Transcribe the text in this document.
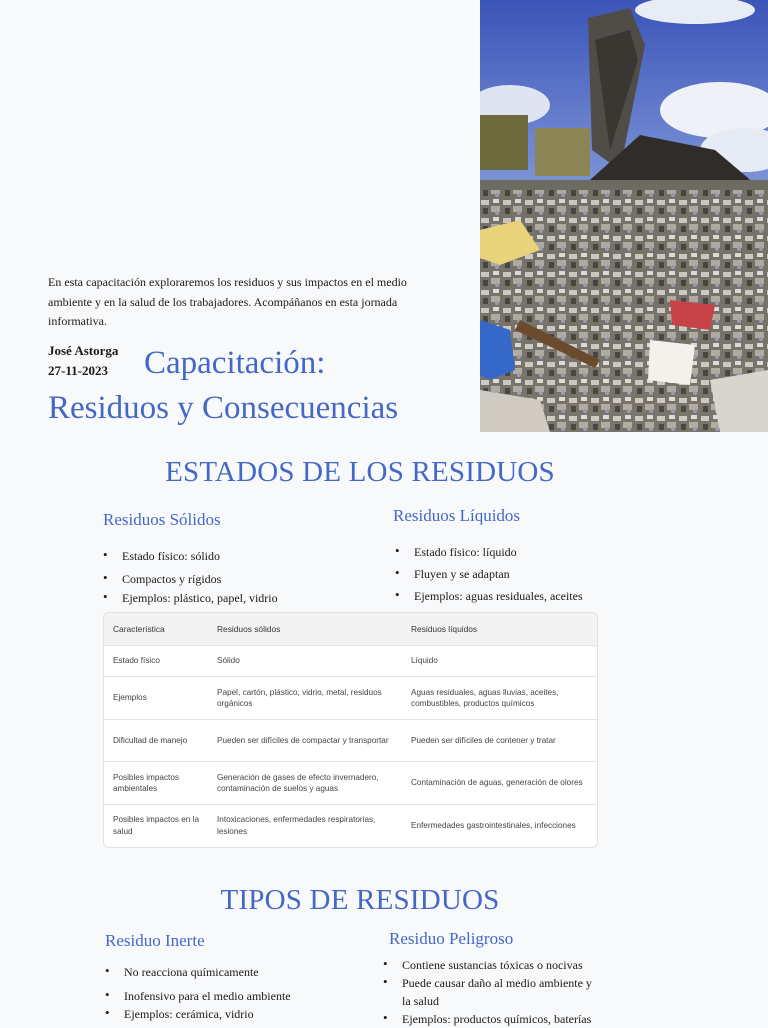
En esta capacitación exploraremos los residuos y sus impactos en el medio ambiente y en la salud de los trabajadores. Acompáñanos en esta jornada informativa.
José Astorga
27-11-2023	Capacitación:
Residuos y Consecuencias
ESTADOS DE LOS RESIDUOS
Residuos Sólidos
• Estado físico: sólido
• Compactos y rígidos
• Ejemplos: plástico, papel, vidrio
Residuos Líquidos
• Estado físico: líquido
• Fluyen y se adaptan
• Ejemplos: aguas residuales, aceites
Característica	Residuos sólidos	Residuos líquidos
Estado físico	Sólido	Líquido
Ejemplos	Papel, cartón, plástico, vidrio, metal, residuos orgánicos	Aguas residuales, aguas lluvias, aceites, combustibles, productos químicos
Dificultad de manejo	Pueden ser difíciles de compactar y transportar	Pueden ser difíciles de contener y tratar
Posibles impactos ambientales	Generación de gases de efecto invernadero, contaminación de suelos y aguas	Contaminación de aguas, generación de olores
Posibles impactos en la salud	Intoxicaciones, enfermedades respiratorias, lesiones	Enfermedades gastrointestinales, infecciones
TIPOS DE RESIDUOS
Residuo Inerte
• No reacciona químicamente
• Inofensivo para el medio ambiente
• Ejemplos: cerámica, vidrio
Residuo Peligroso
• Contiene sustancias tóxicas o nocivas
• Puede causar daño al medio ambiente y la salud
• Ejemplos: productos químicos, baterías
